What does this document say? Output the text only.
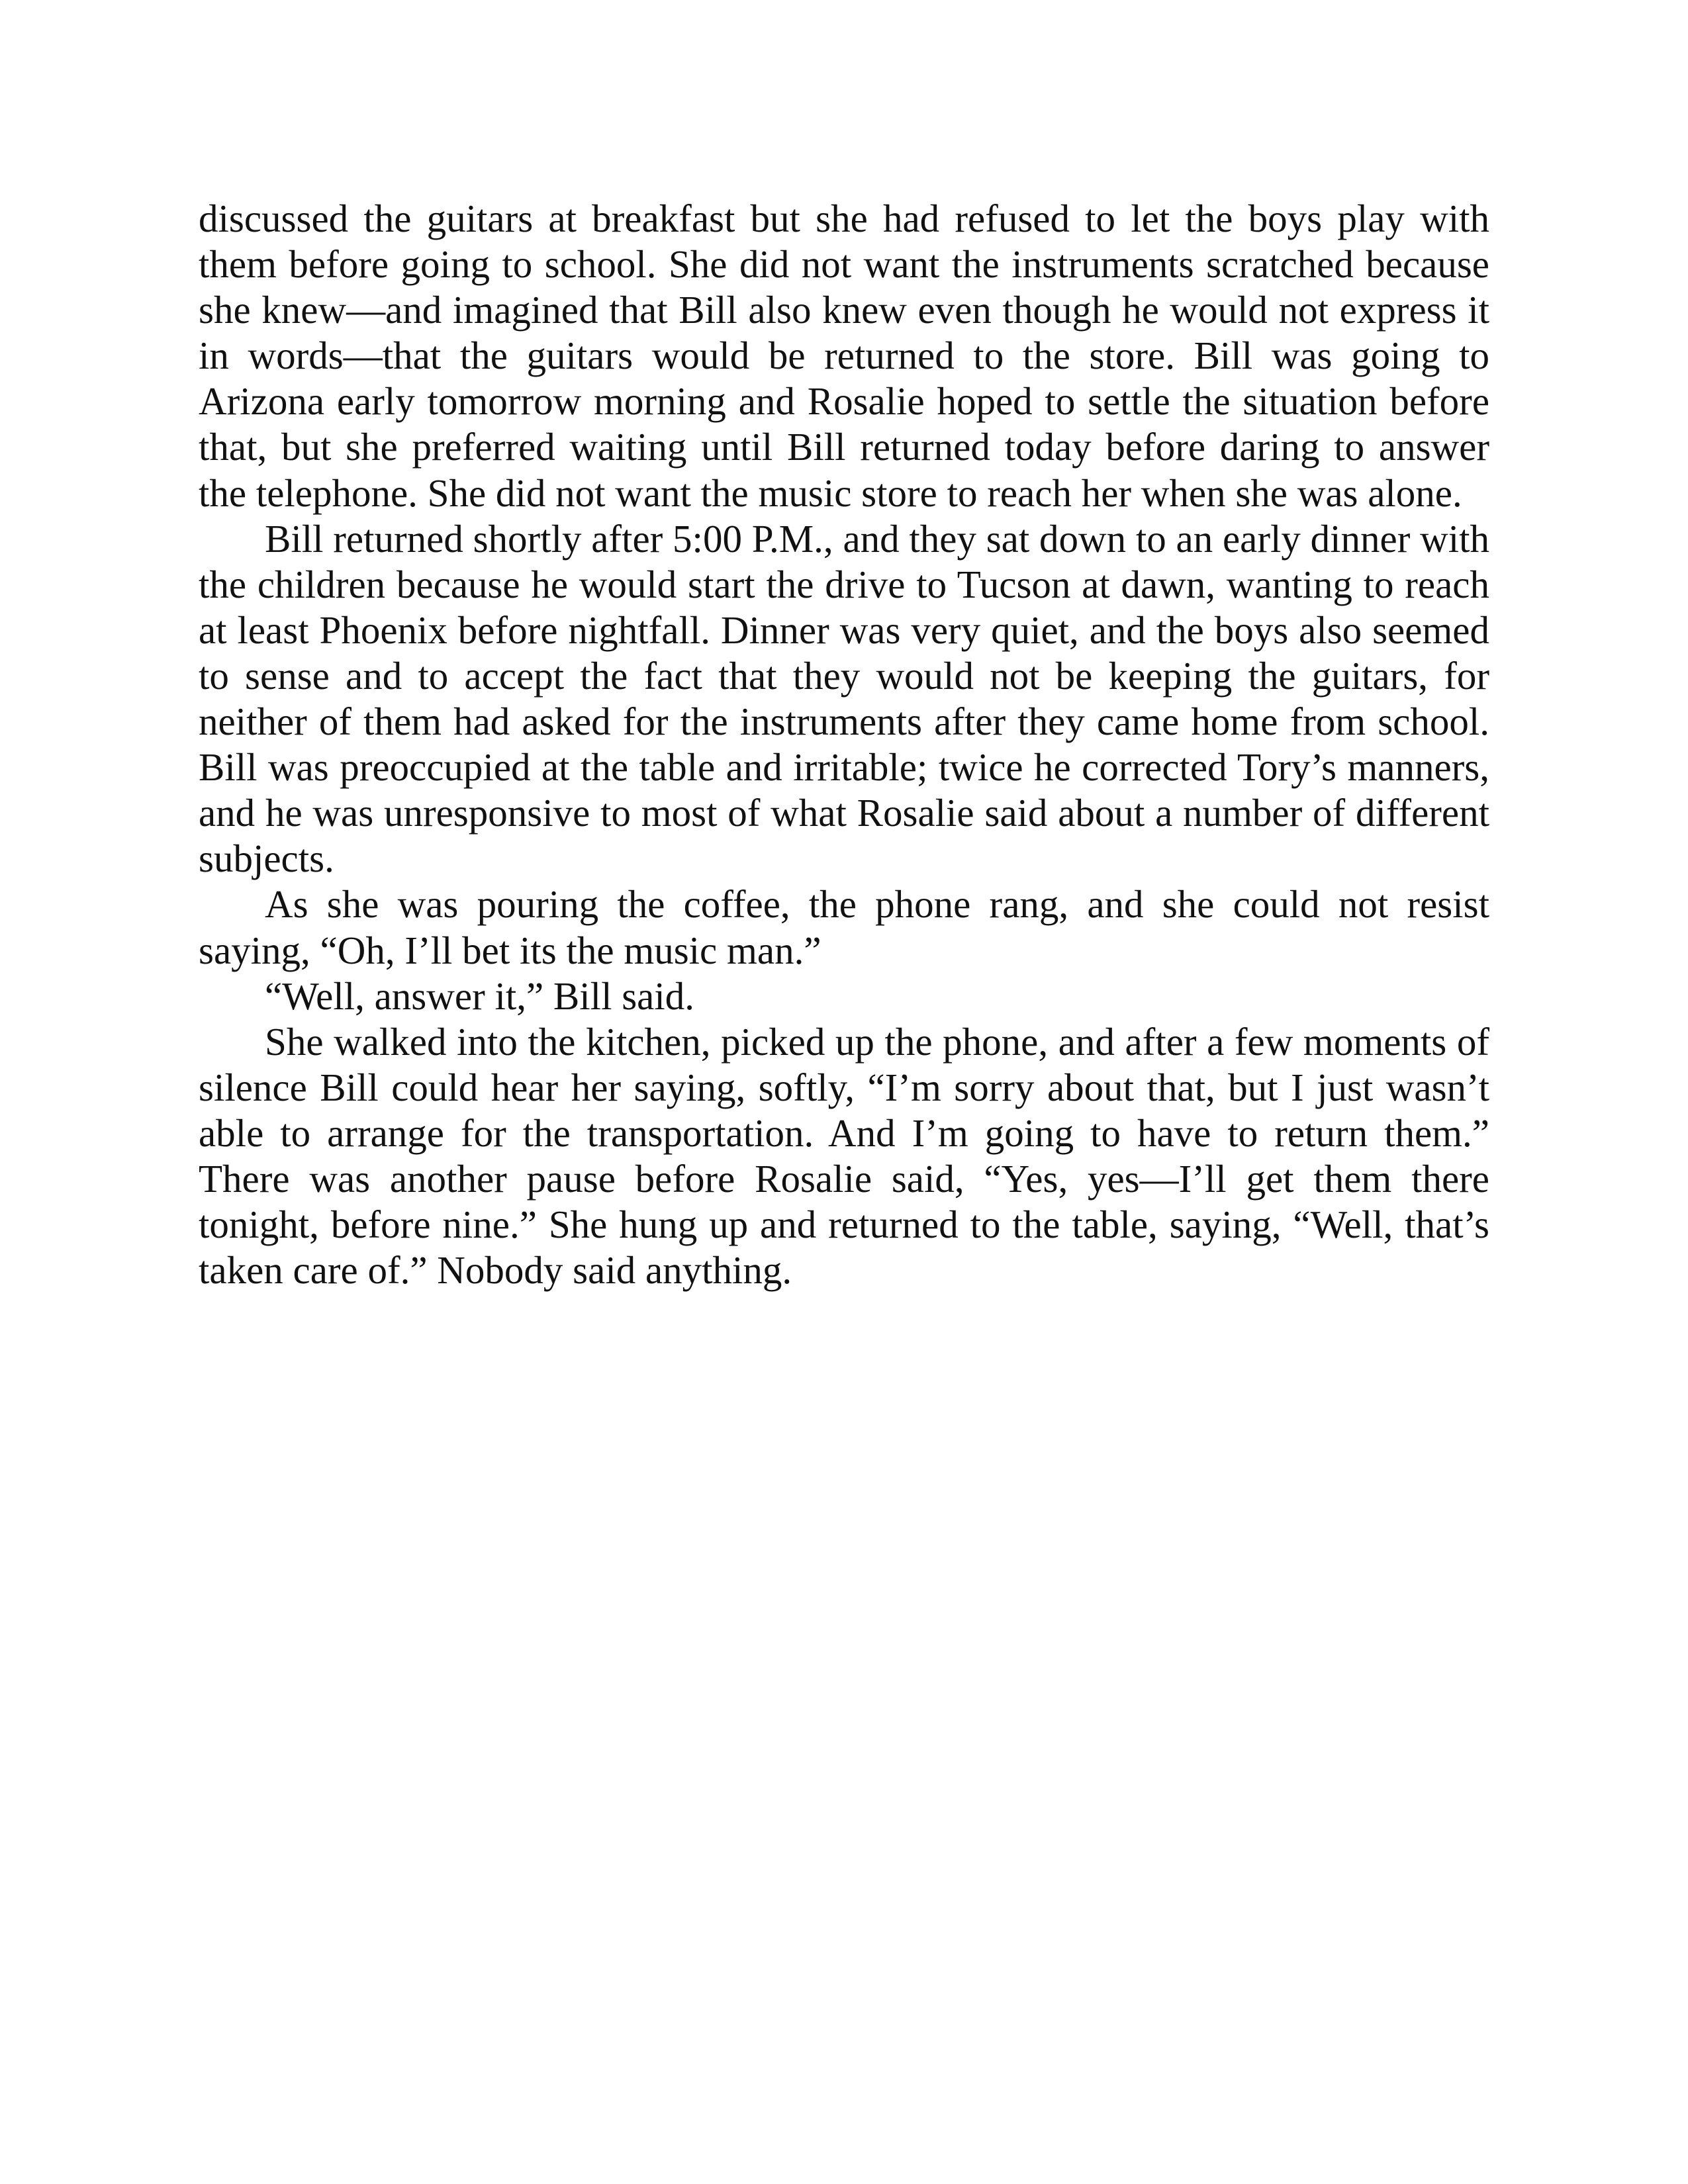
discussed the guitars at breakfast but she had refused to let the boys play with them before going to school. She did not want the instruments scratched because she knew—and imagined that Bill also knew even though he would not express it in words—that the guitars would be returned to the store. Bill was going to Arizona early tomorrow morning and Rosalie hoped to settle the situation before that, but she preferred waiting until Bill returned today before daring to answer the telephone. She did not want the music store to reach her when she was alone.

Bill returned shortly after 5:00 P.M., and they sat down to an early dinner with the children because he would start the drive to Tucson at dawn, wanting to reach at least Phoenix before nightfall. Dinner was very quiet, and the boys also seemed to sense and to accept the fact that they would not be keeping the guitars, for neither of them had asked for the instruments after they came home from school. Bill was preoccupied at the table and irritable; twice he corrected Tory’s manners, and he was unresponsive to most of what Rosalie said about a number of different subjects.

As she was pouring the coffee, the phone rang, and she could not resist saying, “Oh, I’ll bet its the music man.”

“Well, answer it,” Bill said.

She walked into the kitchen, picked up the phone, and after a few moments of silence Bill could hear her saying, softly, “I’m sorry about that, but I just wasn’t able to arrange for the transportation. And I’m going to have to return them.” There was another pause before Rosalie said, “Yes, yes—I’ll get them there tonight, before nine.” She hung up and returned to the table, saying, “Well, that’s taken care of.” Nobody said anything.
